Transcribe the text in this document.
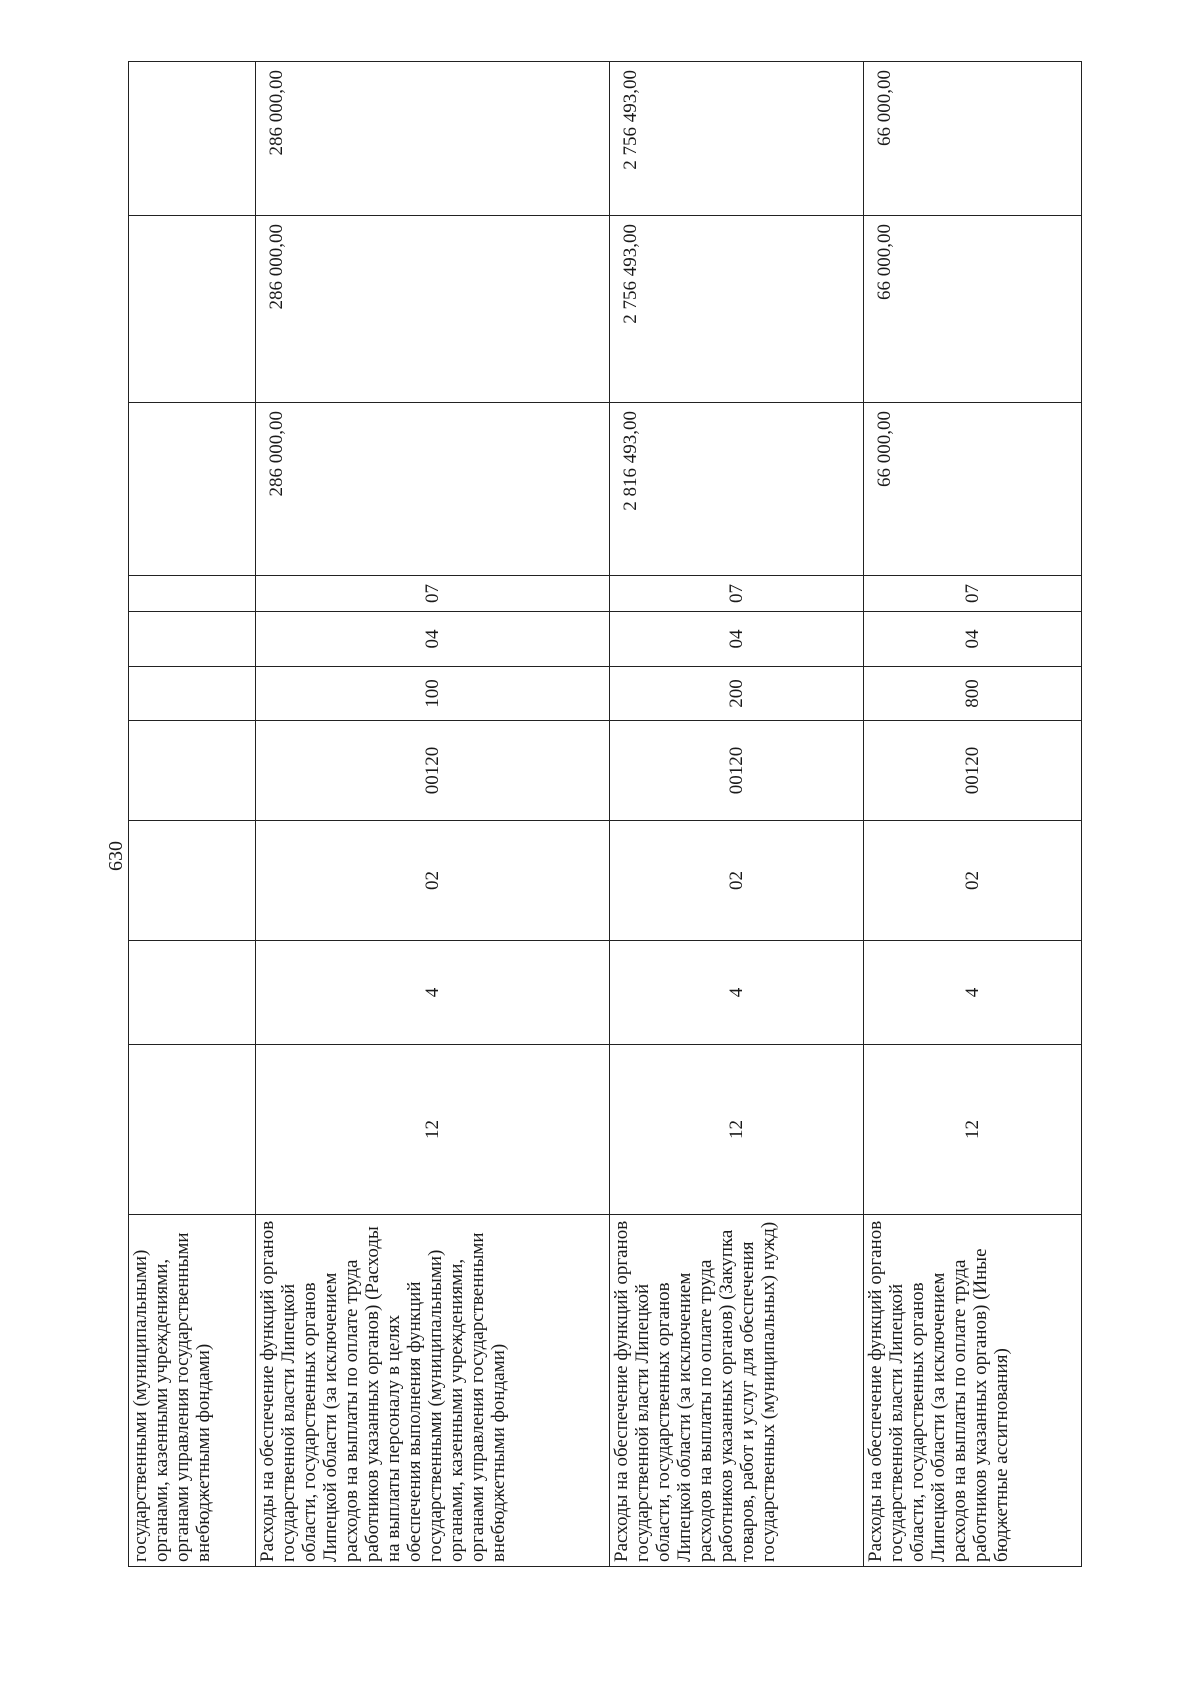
630
государственными (муниципальными) органами, казенными учреждениями, органами управления государственными внебюджетными фондами)										
Расходы на обеспечение функций органов государственной власти Липецкой области, государственных органов Липецкой области (за исключением расходов на выплаты по оплате труда работников указанных органов) (Расходы на выплаты персоналу в целях обеспечения выполнения функций государственными (муниципальными) органами, казенными учреждениями, органами управления государственными внебюджетными фондами)	12	4	02	00120	100	04	07	286 000,00	286 000,00	286 000,00
Расходы на обеспечение функций органов государственной власти Липецкой области, государственных органов Липецкой области (за исключением расходов на выплаты по оплате труда работников указанных органов) (Закупка товаров, работ и услуг для обеспечения государственных (муниципальных) нужд)	12	4	02	00120	200	04	07	2 816 493,00	2 756 493,00	2 756 493,00
Расходы на обеспечение функций органов государственной власти Липецкой области, государственных органов Липецкой области (за исключением расходов на выплаты по оплате труда работников указанных органов) (Иные бюджетные ассигнования)	12	4	02	00120	800	04	07	66 000,00	66 000,00	66 000,00
